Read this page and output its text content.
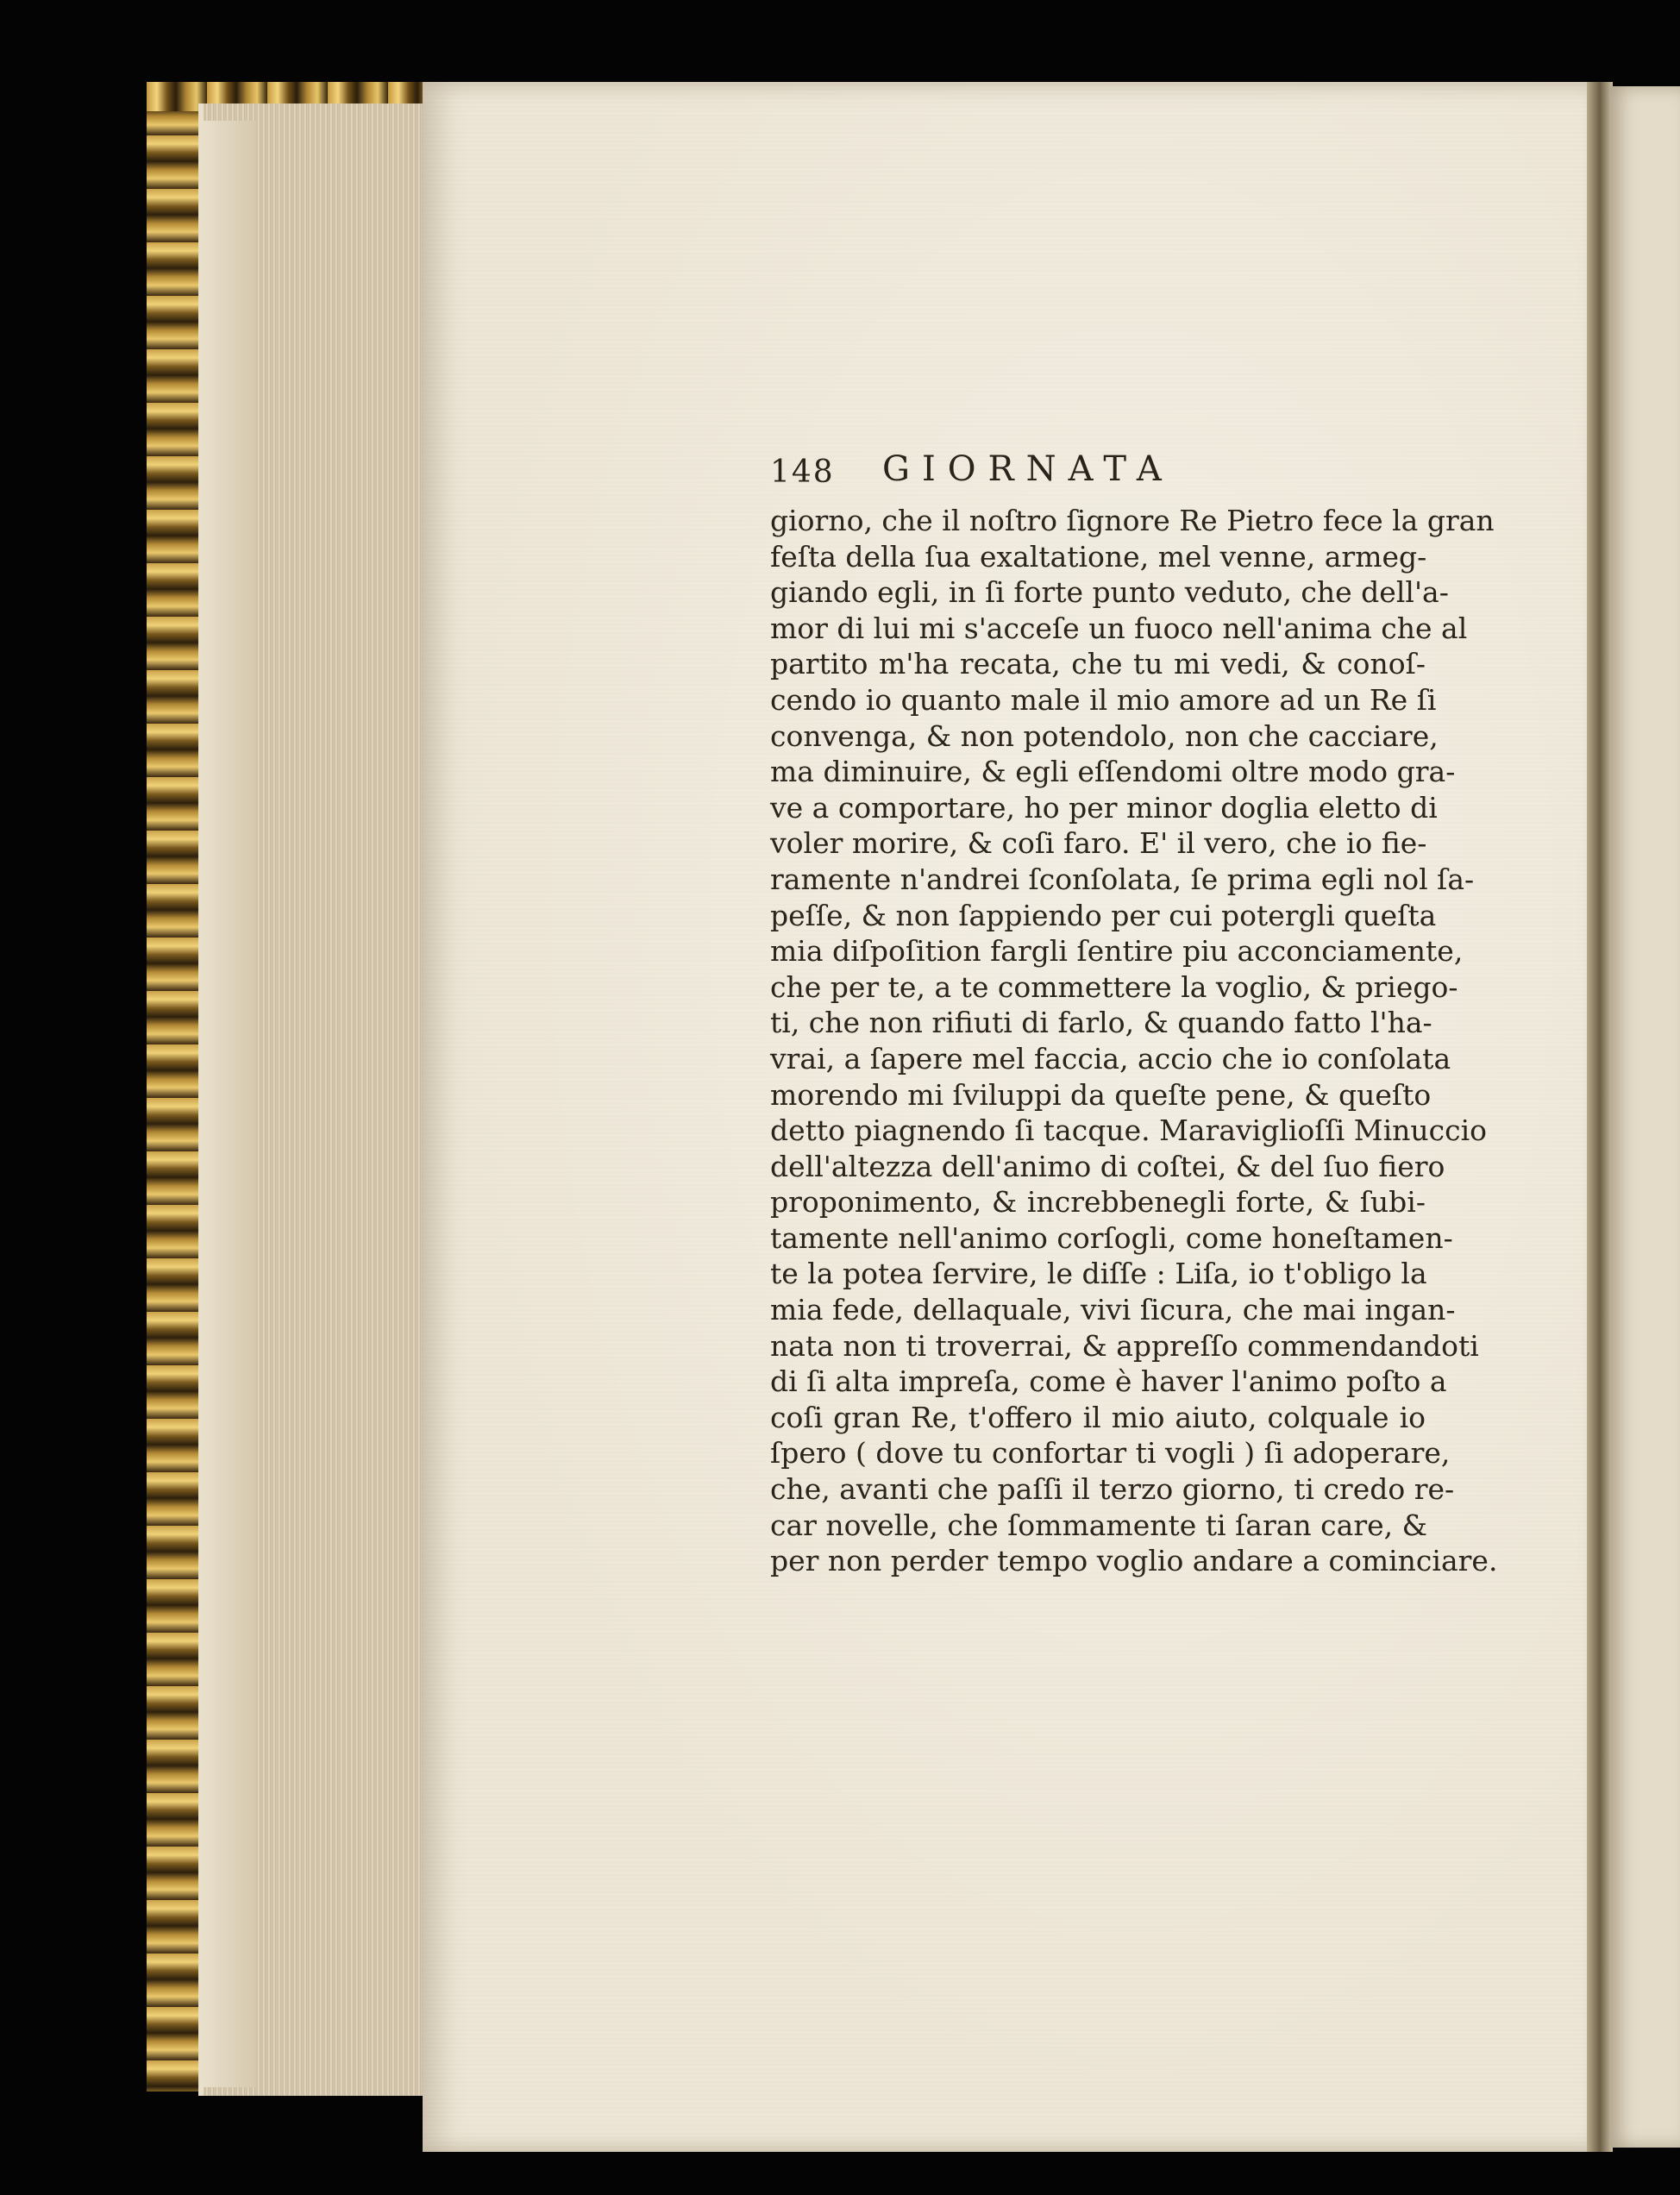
148 GIORNATA
giorno, che il noſtro ſignore Re Pietro fece la gran
feſta della ſua exaltatione, mel venne, armeg-
giando egli, in ſi forte punto veduto, che dell'a-
mor di lui mi s'acceſe un fuoco nell'anima che al
partito m'ha recata, che tu mi vedi, & conoſ-
cendo io quanto male il mio amore ad un Re ſi
convenga, & non potendolo, non che cacciare,
ma diminuire, & egli eſſendomi oltre modo gra-
ve a comportare, ho per minor doglia eletto di
voler morire, & coſi faro. E' il vero, che io fie-
ramente n'andrei ſconſolata, ſe prima egli nol ſa-
peſſe, & non ſappiendo per cui potergli queſta
mia diſpoſition fargli ſentire piu acconciamente,
che per te, a te commettere la voglio, & priego-
ti, che non rifiuti di farlo, & quando fatto l'ha-
vrai, a ſapere mel faccia, accio che io conſolata
morendo mi ſviluppi da queſte pene, & queſto
detto piagnendo ſi tacque. Maraviglioſſi Minuccio
dell'altezza dell'animo di coſtei, & del ſuo fiero
proponimento, & increbbenegli forte, & ſubi-
tamente nell'animo corſogli, come honeſtamen-
te la potea ſervire, le diſſe : Liſa, io t'obligo la
mia fede, dellaquale, vivi ſicura, che mai ingan-
nata non ti troverrai, & appreſſo commendandoti
di ſi alta impreſa, come è haver l'animo poſto a
coſi gran Re, t'offero il mio aiuto, colquale io
ſpero ( dove tu confortar ti vogli ) ſi adoperare,
che, avanti che paſſi il terzo giorno, ti credo re-
car novelle, che ſommamente ti ſaran care, &
per non perder tempo voglio andare a cominciare.
